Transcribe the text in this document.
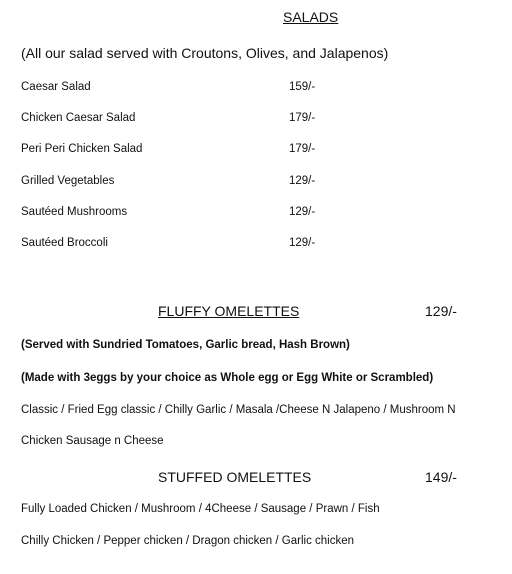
SALADS
(All our salad served with Croutons, Olives, and Jalapenos)
Caesar Salad	159/-
Chicken Caesar Salad	179/-
Peri Peri Chicken Salad	179/-
Grilled Vegetables	129/-
Sautéed Mushrooms	129/-
Sautéed Broccoli	129/-
FLUFFY OMELETTES	129/-
(Served with Sundried Tomatoes, Garlic bread, Hash Brown)
(Made with 3eggs by your choice as Whole egg or Egg White or Scrambled)
Classic / Fried Egg classic / Chilly Garlic / Masala /Cheese N Jalapeno / Mushroom N
Chicken Sausage n Cheese
STUFFED OMELETTES	149/-
Fully Loaded Chicken / Mushroom / 4Cheese / Sausage / Prawn / Fish
Chilly Chicken / Pepper chicken / Dragon chicken / Garlic chicken
